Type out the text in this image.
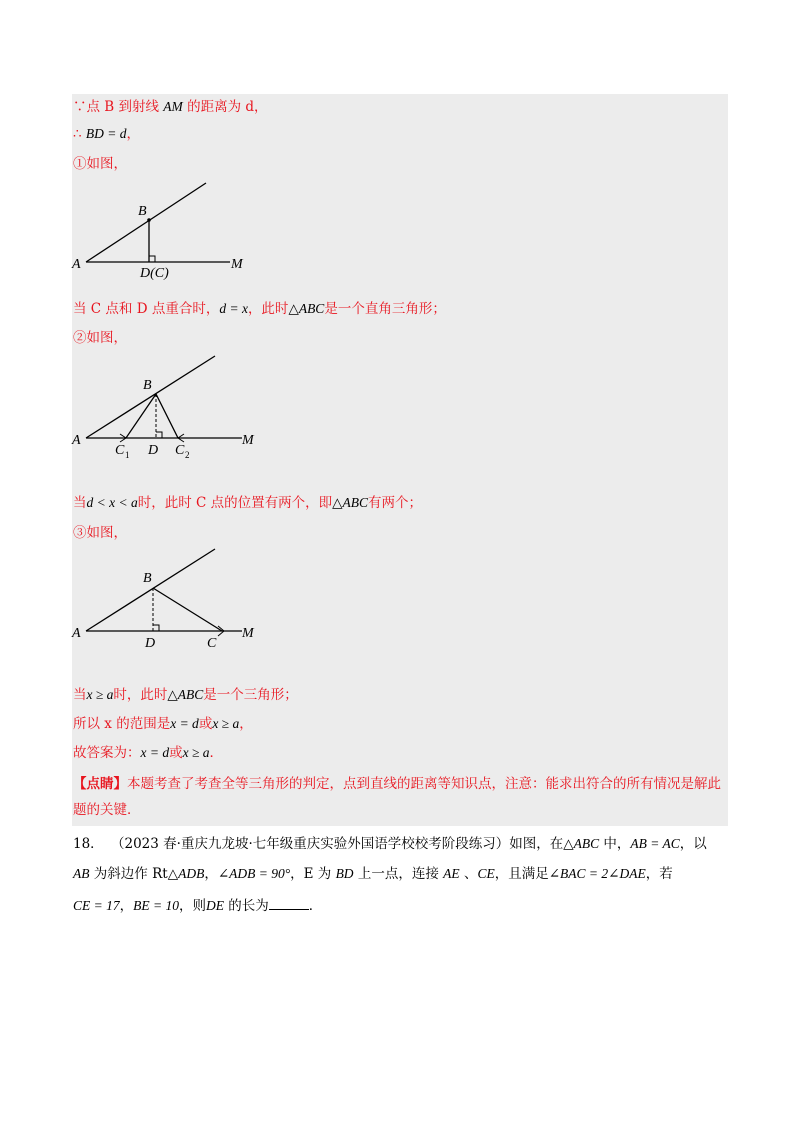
∵点 B 到射线 AM 的距离为 d，
∴ BD = d，
①如图，
A
B
D(C)
M
当 C 点和 D 点重合时，d = x，此时△ABC是一个直角三角形；
②如图，
A
B
C 1 D C 2
M
当d < x < a时，此时 C 点的位置有两个，即△ABC有两个；
③如图，
A
B
D	C
M
当x ≥ a时，此时△ABC是一个三角形；
所以 x 的范围是x = d或x ≥ a，
故答案为：x = d或x ≥ a．
【点睛】本题考查了考查全等三角形的判定，点到直线的距离等知识点，注意：能求出符合的所有情况是解此题的关键．
18． （2023 春·重庆九龙坡·七年级重庆实验外国语学校校考阶段练习）如图，在△ABC 中，AB = AC，以
AB 为斜边作 Rt△ADB，∠ADB = 90°，E 为 BD 上一点，连接 AE 、CE，且满足∠BAC = 2∠DAE，若
CE = 17，BE = 10，则DE 的长为	．
